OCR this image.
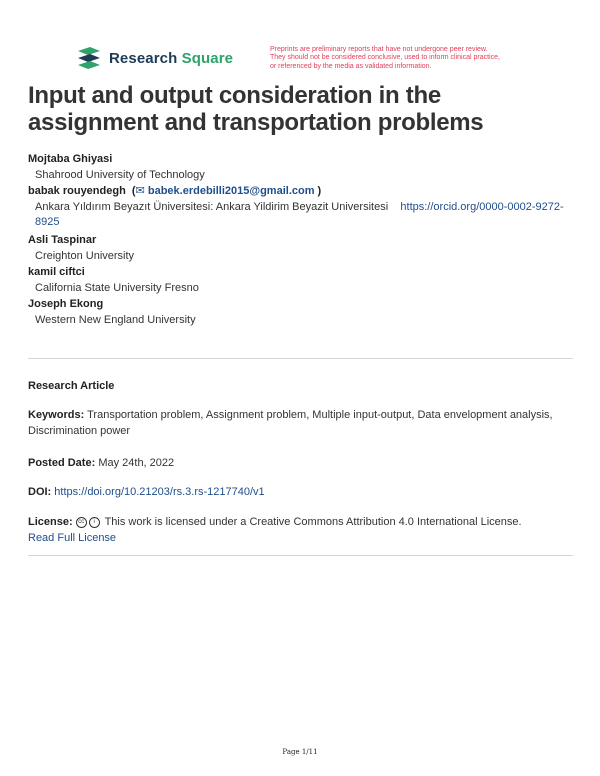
Research Square	Preprints are preliminary reports that have not undergone peer review.
They should not be considered conclusive, used to inform clinical practice,
or referenced by the media as validated information.
Input and output consideration in the assignment and transportation problems
Mojtaba Ghiyasi
Shahrood University of Technology
babak rouyendegh  (✉ babek.erdebilli2015@gmail.com )
Ankara Yıldırım Beyazıt Üniversitesi: Ankara Yildirim Beyazit Universitesi https://orcid.org/0000-0002-9272-8925
Asli Taspinar
Creighton University
kamil ciftci
California State University Fresno
Joseph Ekong
Western New England University
Research Article
Keywords: Transportation problem, Assignment problem, Multiple input-output, Data envelopment analysis, Discrimination power
Posted Date: May 24th, 2022
DOI: https://doi.org/10.21203/rs.3.rs-1217740/v1
License: cc i This work is licensed under a Creative Commons Attribution 4.0 International License.
Read Full License
Page 1/11
